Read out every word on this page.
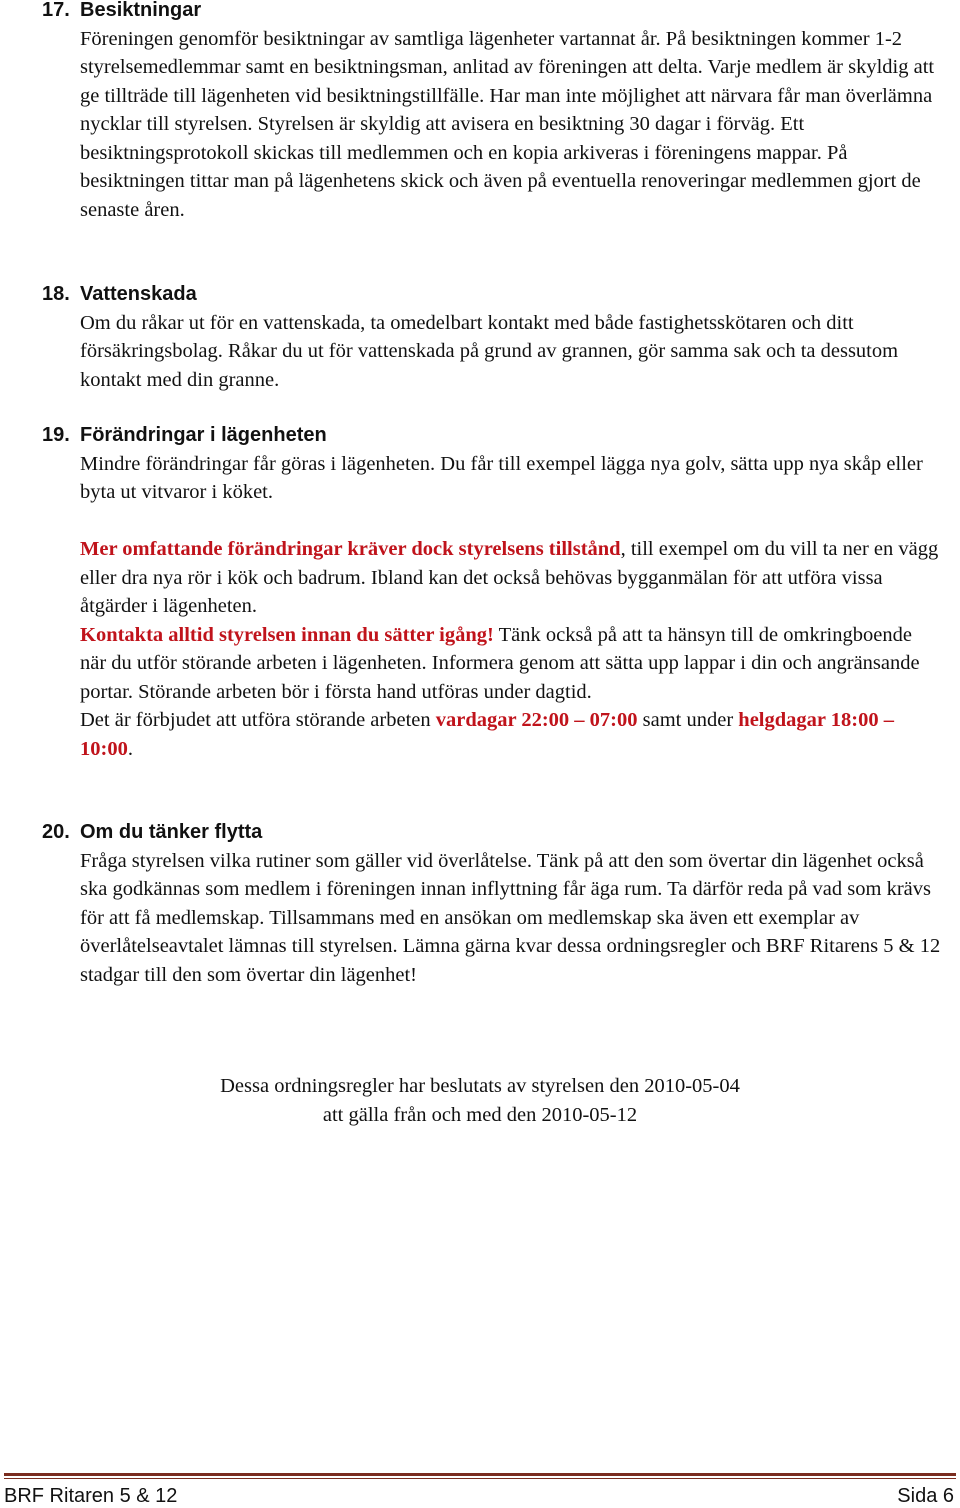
17. Besiktningar

Föreningen genomför besiktningar av samtliga lägenheter vartannat år. På besiktningen kommer 1-2 styrelsemedlemmar samt en besiktningsman, anlitad av föreningen att delta. Varje medlem är skyldig att ge tillträde till lägenheten vid besiktningstillfälle. Har man inte möjlighet att närvara får man överlämna nycklar till styrelsen. Styrelsen är skyldig att avisera en besiktning 30 dagar i förväg. Ett besiktningsprotokoll skickas till medlemmen och en kopia arkiveras i föreningens mappar. På besiktningen tittar man på lägenhetens skick och även på eventuella renoveringar medlemmen gjort de senaste åren.

18. Vattenskada

Om du råkar ut för en vattenskada, ta omedelbart kontakt med både fastighetsskötaren och ditt försäkringsbolag. Råkar du ut för vattenskada på grund av grannen, gör samma sak och ta dessutom kontakt med din granne.

19. Förändringar i lägenheten

Mindre förändringar får göras i lägenheten. Du får till exempel lägga nya golv, sätta upp nya skåp eller byta ut vitvaror i köket.

Mer omfattande förändringar kräver dock styrelsens tillstånd, till exempel om du vill ta ner en vägg eller dra nya rör i kök och badrum. Ibland kan det också behövas bygganmälan för att utföra vissa åtgärder i lägenheten.

Kontakta alltid styrelsen innan du sätter igång! Tänk också på att ta hänsyn till de omkringboende när du utför störande arbeten i lägenheten. Informera genom att sätta upp lappar i din och angränsande portar. Störande arbeten bör i första hand utföras under dagtid.

Det är förbjudet att utföra störande arbeten vardagar 22:00 – 07:00 samt under helgdagar 18:00 – 10:00.

20. Om du tänker flytta

Fråga styrelsen vilka rutiner som gäller vid överlåtelse. Tänk på att den som övertar din lägenhet också ska godkännas som medlem i föreningen innan inflyttning får äga rum. Ta därför reda på vad som krävs för att få medlemskap. Tillsammans med en ansökan om medlemskap ska även ett exemplar av överlåtelseavtalet lämnas till styrelsen. Lämna gärna kvar dessa ordningsregler och BRF Ritarens 5 & 12 stadgar till den som övertar din lägenhet!

Dessa ordningsregler har beslutats av styrelsen den 2010-05-04
att gälla från och med den 2010-05-12
BRF Ritaren 5 & 12	Sida 6
